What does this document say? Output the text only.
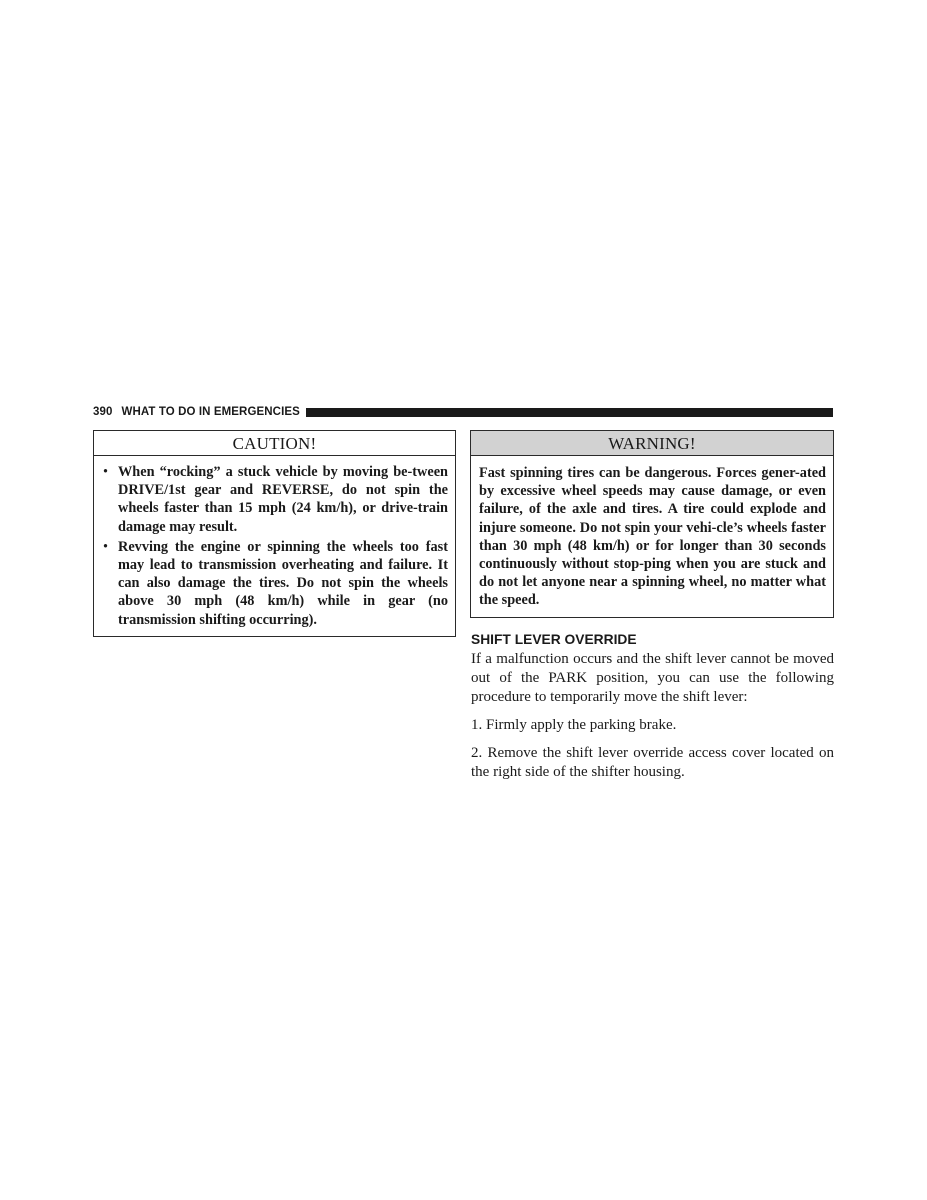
390 WHAT TO DO IN EMERGENCIES
CAUTION!
• When “rocking” a stuck vehicle by moving be-tween DRIVE/1st gear and REVERSE, do not spin the wheels faster than 15 mph (24 km/h), or drive-train damage may result.
• Revving the engine or spinning the wheels too fast may lead to transmission overheating and failure. It can also damage the tires. Do not spin the wheels above 30 mph (48 km/h) while in gear (no transmission shifting occurring).
WARNING!

Fast spinning tires can be dangerous. Forces gener-ated by excessive wheel speeds may cause damage, or even failure, of the axle and tires. A tire could explode and injure someone. Do not spin your vehi-cle’s wheels faster than 30 mph (48 km/h) or for longer than 30 seconds continuously without stop-ping when you are stuck and do not let anyone near a spinning wheel, no matter what the speed.

SHIFT LEVER OVERRIDE

If a malfunction occurs and the shift lever cannot be moved out of the PARK position, you can use the following procedure to temporarily move the shift lever:

1. Firmly apply the parking brake.

2. Remove the shift lever override access cover located on the right side of the shifter housing.
